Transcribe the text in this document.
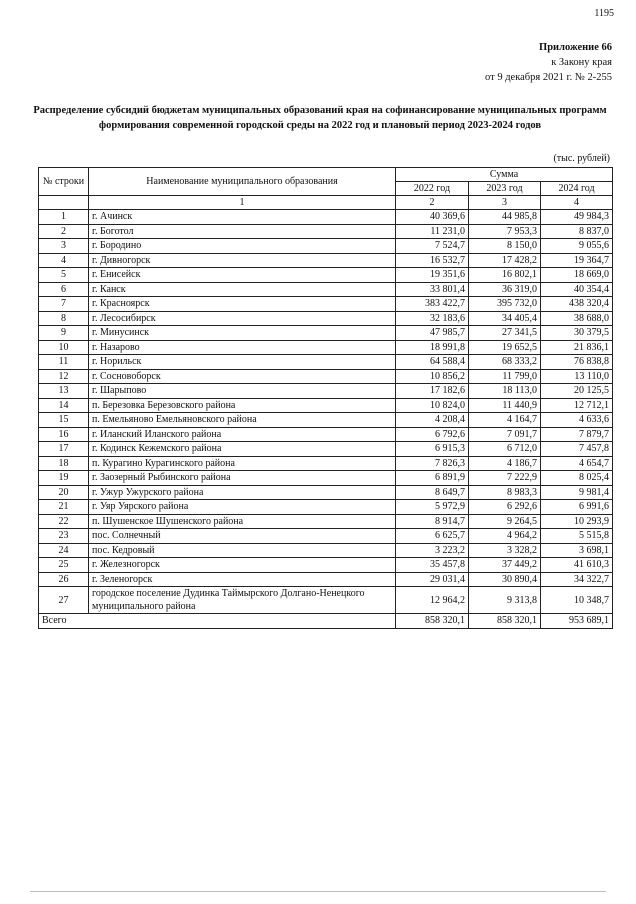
1195
Приложение 66
к Закону края
от 9 декабря 2021 г. № 2-255
Распределение субсидий бюджетам муниципальных образований края на софинансирование муниципальных программ формирования современной городской среды на 2022 год и плановый период 2023-2024 годов
(тыс. рублей)
№ строки	Наименование муниципального образования	Сумма		
		2022 год	2023 год	2024 год
	1	2	3	4
1	г. Ачинск	40 369,6	44 985,8	49 984,3
2	г. Боготол	11 231,0	7 953,3	8 837,0
3	г. Бородино	7 524,7	8 150,0	9 055,6
4	г. Дивногорск	16 532,7	17 428,2	19 364,7
5	г. Енисейск	19 351,6	16 802,1	18 669,0
6	г. Канск	33 801,4	36 319,0	40 354,4
7	г. Красноярск	383 422,7	395 732,0	438 320,4
8	г. Лесосибирск	32 183,6	34 405,4	38 688,0
9	г. Минусинск	47 985,7	27 341,5	30 379,5
10	г. Назарово	18 991,8	19 652,5	21 836,1
11	г. Норильск	64 588,4	68 333,2	76 838,8
12	г. Сосновоборск	10 856,2	11 799,0	13 110,0
13	г. Шарыпово	17 182,6	18 113,0	20 125,5
14	п. Березовка Березовского района	10 824,0	11 440,9	12 712,1
15	п. Емельяново Емельяновского района	4 208,4	4 164,7	4 633,6
16	г. Иланский Иланского района	6 792,6	7 091,7	7 879,7
17	г. Кодинск Кежемского района	6 915,3	6 712,0	7 457,8
18	п. Курагино Курагинского района	7 826,3	4 186,7	4 654,7
19	г. Заозерный Рыбинского района	6 891,9	7 222,9	8 025,4
20	г. Ужур Ужурского района	8 649,7	8 983,3	9 981,4
21	г. Уяр Уярского района	5 972,9	6 292,6	6 991,6
22	п. Шушенское Шушенского района	8 914,7	9 264,5	10 293,9
23	пос. Солнечный	6 625,7	4 964,2	5 515,8
24	пос. Кедровый	3 223,2	3 328,2	3 698,1
25	г. Железногорск	35 457,8	37 449,2	41 610,3
26	г. Зеленогорск	29 031,4	30 890,4	34 322,7
27	городское поселение Дудинка Таймырского Долгано-Ненецкого муниципального района	12 964,2	9 313,8	10 348,7
Всего		858 320,1	858 320,1	953 689,1
